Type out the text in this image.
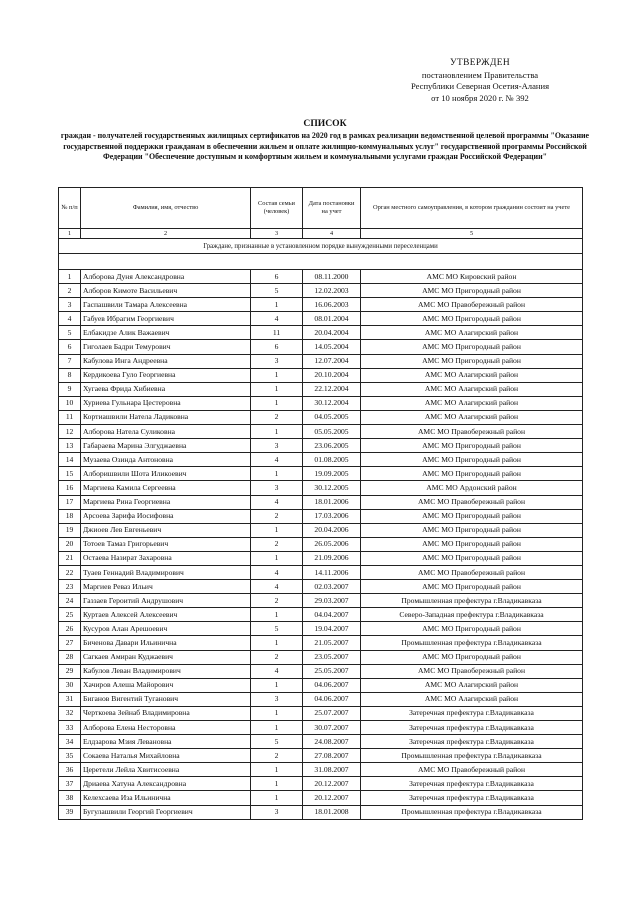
УТВЕРЖДЕН
постановлением Правительства
Республики Северная Осетия-Алания
от 10 ноября 2020 г. № 392
СПИСОК
граждан - получателей государственных жилищных сертификатов на 2020 год в рамках реализации ведомственной целевой программы "Оказание государственной поддержки гражданам в обеспечении жильем и оплате жилищно-коммунальных услуг" государственной программы Российской Федерации "Обеспечение доступным и комфортным жильем и коммунальными услугами граждан Российской Федерации"
№ п/п	Фамилия, имя, отчество	Состав семьи (человек)	Дата постановки на учет	Орган местного самоуправления, в котором гражданин состоит на учете
1	2	3	4	5
Граждане, признанные в установленном порядке вынужденными переселенцами				

1	Алборова Дуня Александровна	6	08.11.2000	АМС МО Кировский район
2	Алборов Кимоте Васильевич	5	12.02.2003	АМС МО Пригородный район
3	Гаспашвили Тамара Алексеевна	1	16.06.2003	АМС МО Правобережный район
4	Габуев Ибрагим Георгиевич	4	08.01.2004	АМС МО Пригородный район
5	Елбакидзе Алик Важаевич	11	20.04.2004	АМС МО Алагирский район
6	Гиголаев Бадри Темурович	6	14.05.2004	АМС МО Пригородный район
7	Кабулова Инга Андреевна	3	12.07.2004	АМС МО Пригородный район
8	Кердикоева Гуло Георгиевна	1	20.10.2004	АМС МО Алагирский район
9	Хугаева Фрида Хибиевна	1	22.12.2004	АМС МО Алагирский район
10	Хуриева Гульнара Цестеровна	1	30.12.2004	АМС МО Алагирский район
11	Кортиашвили Натела Ладиковна	2	04.05.2005	АМС МО Алагирский район
12	Алборова Натела Суликовна	1	05.05.2005	АМС МО Правобережный район
13	Габараева Марина Элгуджаевна	3	23.06.2005	АМС МО Пригородный район
14	Музаева Озинда Антоновна	4	01.08.2005	АМС МО Пригородный район
15	Алборишвили Шота Иликоевич	1	19.09.2005	АМС МО Пригородный район
16	Маргиева Камила Сергеевна	3	30.12.2005	АМС МО Ардонский район
17	Маргиева Рина Георгиевна	4	18.01.2006	АМС МО Правобережный район
18	Арсоева Зарифа Иосифовна	2	17.03.2006	АМС МО Пригородный район
19	Джиоев Лев Евгеньевич	1	20.04.2006	АМС МО Пригородный район
20	Тотоев Тамаз Григорьевич	2	26.05.2006	АМС МО Пригородный район
21	Остаева Назират Захаровна	1	21.09.2006	АМС МО Пригородный район
22	Туаев Геннадий Владимирович	4	14.11.2006	АМС МО Правобережный район
23	Маргиев Реваз Ильич	4	02.03.2007	АМС МО Пригородный район
24	Газзаев Героитий Андрушович	2	29.03.2007	Промышленная префектура г.Владикавказа
25	Куртаев Алексей Алексеевич	1	04.04.2007	Северо-Западная префектура г.Владикавказа
26	Кусуров Алан Арешоевич	5	19.04.2007	АМС МО Пригородный район
27	Биченова Давари Ильинична	1	21.05.2007	Промышленная префектура г.Владикавказа
28	Сагкаев Амиран Куджаевич	2	23.05.2007	АМС МО Пригородный район
29	Кабулов Леван Владимирович	4	25.05.2007	АМС МО Правобережный район
30	Хачиров Алеша Майорович	1	04.06.2007	АМС МО Алагирский район
31	Биганов Вигентий Туганович	3	04.06.2007	АМС МО Алагирский район
32	Черткоева Зейнаб Владимировна	1	25.07.2007	Затеречная префектура г.Владикавказа
33	Алборова Елена Несторовна	1	30.07.2007	Затеречная префектура г.Владикавказа
34	Елдзарова Мзия Левановна	5	24.08.2007	Затеречная префектура г.Владикавказа
35	Сокаева Наталья Михайловна	2	27.08.2007	Промышленная префектура г.Владикавказа
36	Церетели Лейла Хвитисоевна	1	31.08.2007	АМС МО Правобережный район
37	Дриаева Хатуна Александровна	1	20.12.2007	Затеречная префектура г.Владикавказа
38	Келехсаева Иза Ильинична	1	20.12.2007	Затеречная префектура г.Владикавказа
39	Бугулашвили Георгий Георгиевич	3	18.01.2008	Промышленная префектура г.Владикавказа
